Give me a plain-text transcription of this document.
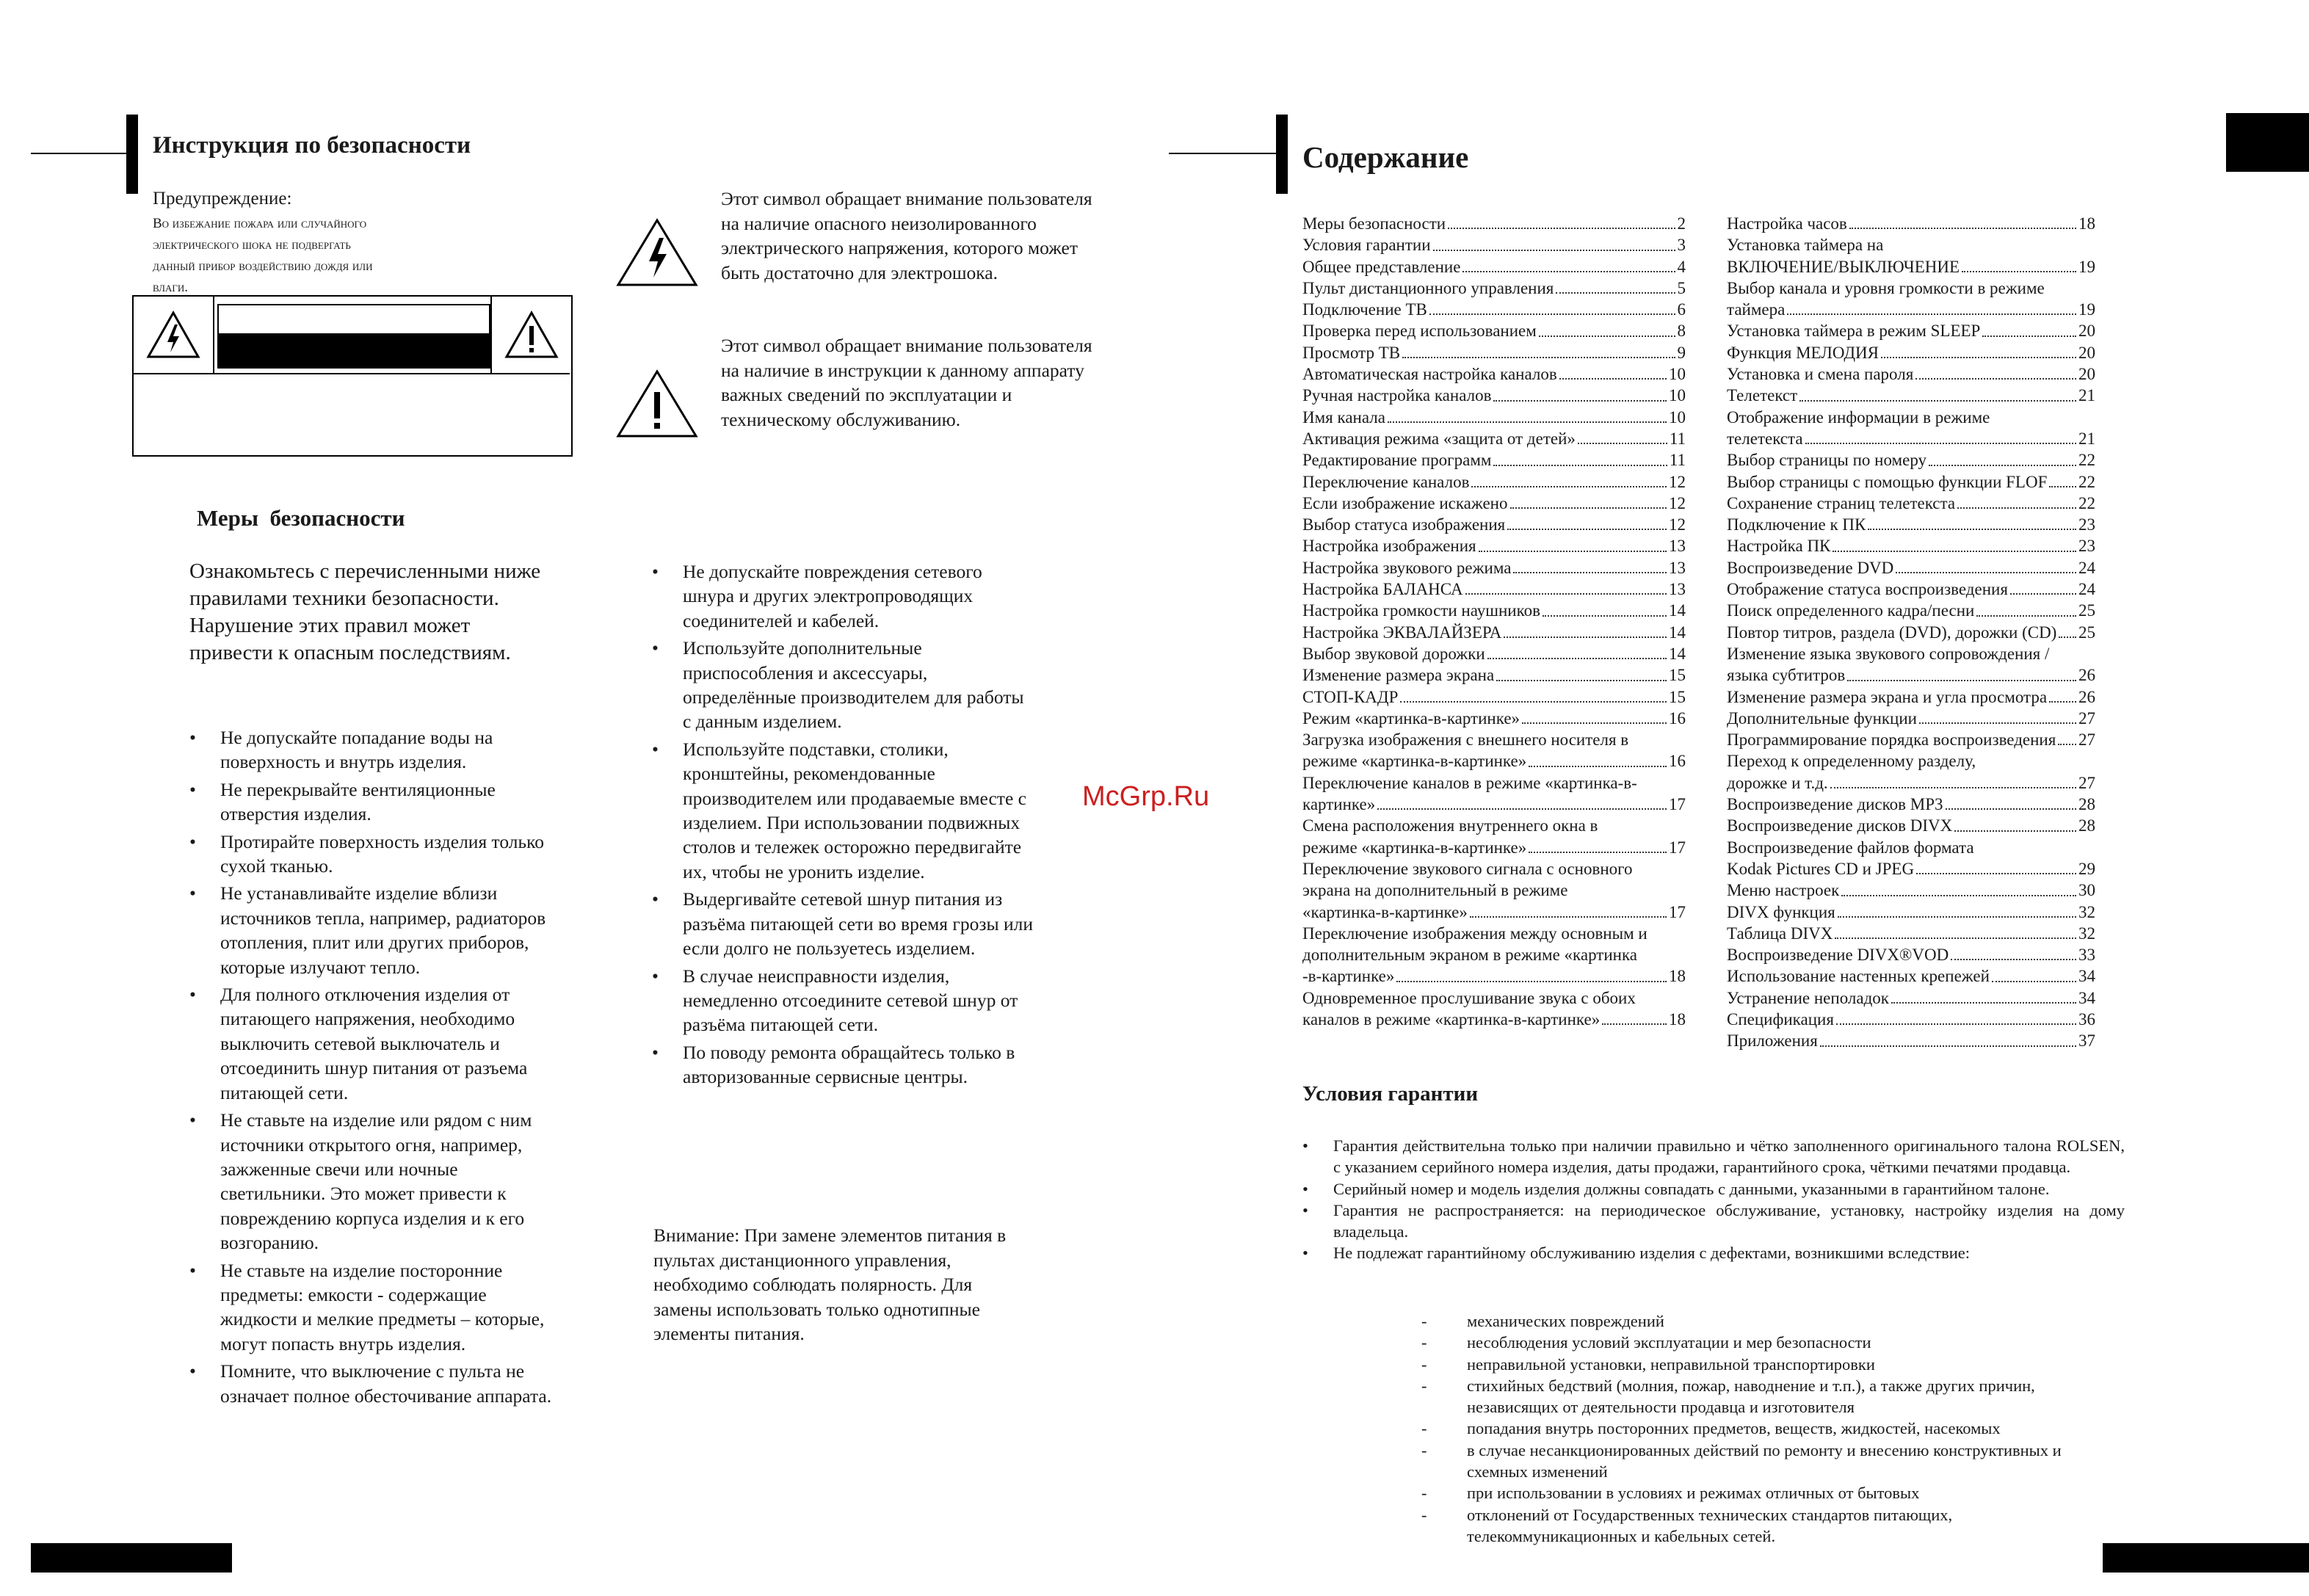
Инструкция по безопасности
Предупреждение:
Во избежание пожара или случайного
электрического шока не подвергать
данный прибор воздействию дождя или
влаги.
Этот символ обращает внимание пользователя на наличие опасного неизолированного электрического напряжения, которого может быть достаточно для электрошока.
Этот символ обращает внимание пользователя на наличие в инструкции к данному аппарату важных сведений по эксплуатации и техническому обслуживанию.
Меры  безопасности
Ознакомьтесь с перечисленными ниже правилами техники безопасности. Нарушение этих правил может привести к опасным последствиям.
• Не допускайте попадание воды на поверхность и внутрь изделия.
• Не перекрывайте вентиляционные отверстия изделия.
• Протирайте поверхность изделия только сухой тканью.
• Не устанавливайте изделие вблизи источников тепла, например, радиаторов отопления, плит или других приборов, которые излучают тепло.
• Для полного отключения изделия от питающего напряжения, необходимо выключить сетевой выключатель и отсоединить шнур питания от разъема питающей сети.
• Не ставьте на изделие или рядом с ним источники открытого огня, например, зажженные свечи или ночные светильники. Это может привести к повреждению корпуса изделия и к его возгоранию.
• Не ставьте на изделие посторонние предметы: емкости - содержащие жидкости и мелкие предметы – которые, могут попасть внутрь изделия.
• Помните, что выключение с пульта не означает полное обесточивание аппарата.
• Не допускайте повреждения сетевого шнура и других электропроводящих соединителей и кабелей.
• Используйте дополнительные приспособления и аксессуары, определённые производителем для работы с данным изделием.
• Используйте подставки, столики, кронштейны, рекомендованные производителем или продаваемые вместе с изделием. При использовании подвижных столов и тележек осторожно передвигайте их, чтобы не уронить изделие.
• Выдергивайте сетевой шнур питания из разъёма питающей сети во время грозы или если долго не пользуетесь изделием.
• В случае неисправности изделия, немедленно отсоедините сетевой шнур от разъёма питающей сети.
• По поводу ремонта обращайтесь только в авторизованные сервисные центры.
Внимание: При замене элементов питания в пультах дистанционного управления, необходимо соблюдать полярность. Для замены использовать только однотипные элементы питания.
McGrp.Ru
Содержание
Меры безопасности	2
Условия гарантии	3
Общее представление	4
Пульт дистанционного управления	5
Подключение ТВ	6
Проверка перед использованием	8
Просмотр ТВ	9
Автоматическая настройка каналов	10
Ручная настройка каналов	10
Имя канала	10
Активация режима «защита от детей»	11
Редактирование программ	11
Переключение каналов	12
Если изображение искажено	12
Выбор статуса изображения	12
Настройка изображения	13
Настройка звукового режима	13
Настройка БАЛАНСА	13
Настройка громкости наушников	14
Настройка ЭКВАЛАЙЗЕРА	14
Выбор звуковой дорожки	14
Изменение размера экрана	15
СТОП-КАДР	15
Режим «картинка-в-картинке»	16
Загрузка изображения с внешнего носителя в
режиме «картинка-в-картинке»	16
Переключение каналов в режиме «картинка-в-
картинке»	17
Смена расположения внутреннего окна в
режиме «картинка-в-картинке»	17
Переключение звукового сигнала с основного
экрана на дополнительный в режиме
«картинка-в-картинке»	17
Переключение изображения между основным и
дополнительным экраном в режиме «картинка
-в-картинке»	18
Одновременное прослушивание звука с обоих
каналов в режиме «картинка-в-картинке»	18
Настройка часов	18
Установка таймера на
ВКЛЮЧЕНИЕ/ВЫКЛЮЧЕНИЕ	19
Выбор канала и уровня громкости в режиме
таймера	19
Установка таймера в режим SLEEP	20
Функция МЕЛОДИЯ	20
Установка и смена пароля	20
Телетекст	21
Отображение информации в режиме
телетекста	21
Выбор страницы по номеру	22
Выбор страницы с помощью функции FLOF 22
Сохранение страниц телетекста	22
Подключение к ПК	23
Настройка ПК	23
Воспроизведение DVD	24
Отображение статуса воспроизведения	24
Поиск определенного кадра/песни	25
Повтор титров, раздела (DVD), дорожки (CD) 25
Изменение языка звукового сопровождения /
языка субтитров	26
Изменение размера экрана и угла просмотра 26
Дополнительные функции	27
Программирование порядка воспроизведения 27
Переход к определенному разделу,
дорожке и т.д.	27
Воспроизведение дисков MP3	28
Воспроизведение дисков DIVX	28
Воспроизведение файлов формата
Kodak Pictures CD и JPEG	29
Меню настроек	30
DIVX функция	32
Таблица DIVX	32
Воспроизведение DIVX®VOD	33
Использование настенных крепежей	34
Устранение неполадок	34
Спецификация	36
Приложения	37
Условия гарантии
• Гарантия действительна только при наличии правильно и чётко заполненного оригинального талона ROLSEN, с указанием серийного номера изделия, даты продажи, гарантийного срока, чёткими печатями продавца.
• Серийный номер и модель изделия должны совпадать с данными, указанными в гарантийном талоне.
• Гарантия не распространяется: на периодическое обслуживание, установку, настройку изделия на дому владельца.
• Не подлежат гарантийному обслуживанию изделия с дефектами, возникшими вследствие:
- механических повреждений
- несоблюдения условий эксплуатации и мер безопасности
- неправильной установки, неправильной транспортировки
- стихийных бедствий (молния, пожар, наводнение и т.п.), а также других причин, независящих от деятельности продавца и изготовителя
- попадания внутрь посторонних предметов, веществ, жидкостей, насекомых
- в случае несанкционированных действий по ремонту и внесению конструктивных и схемных изменений
- при использовании в условиях и режимах отличных от бытовых
- отклонений от Государственных технических стандартов питающих, телекоммуникационных и кабельных сетей.
